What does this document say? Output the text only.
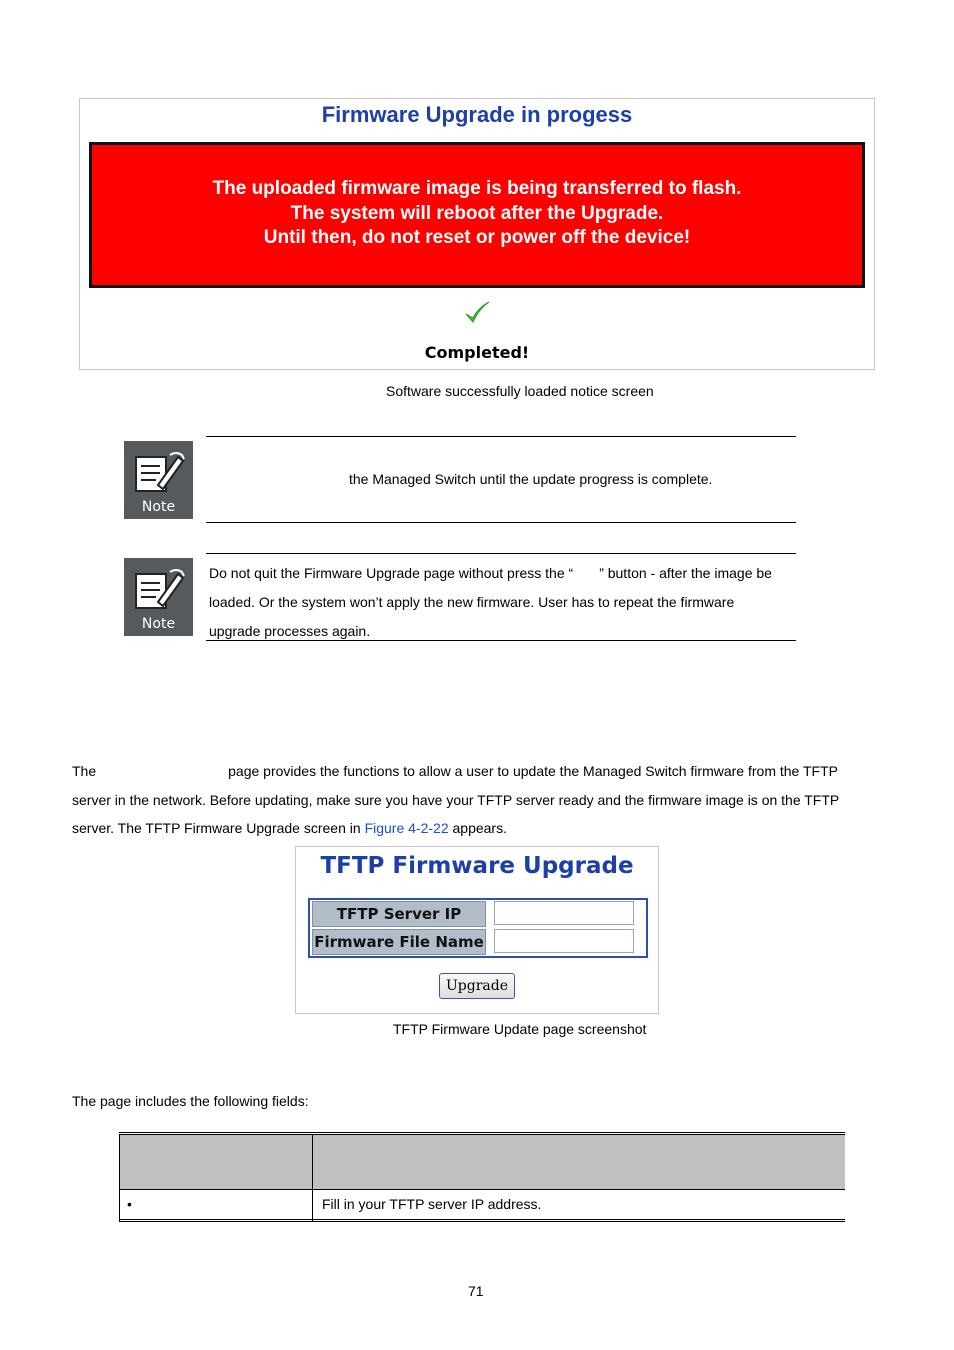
Firmware Upgrade in progess
The uploaded firmware image is being transferred to flash.
The system will reboot after the Upgrade.
Until then, do not reset or power off the device!
Completed!
Software successfully loaded notice screen
Note
the Managed Switch until the update progress is complete.
Note
Do not quit the Firmware Upgrade page without press the “ ” button - after the image be
loaded. Or the system won’t apply the new firmware. User has to repeat the firmware
upgrade processes again.
The	page provides the functions to allow a user to update the Managed Switch firmware from the TFTP
server in the network. Before updating, make sure you have your TFTP server ready and the firmware image is on the TFTP
server. The TFTP Firmware Upgrade screen in Figure 4-2-22 appears.
TFTP Firmware Upgrade
TFTP Server IP
Firmware File Name
Upgrade
TFTP Firmware Update page screenshot
The page includes the following fields:
•	Fill in your TFTP server IP address.
71
